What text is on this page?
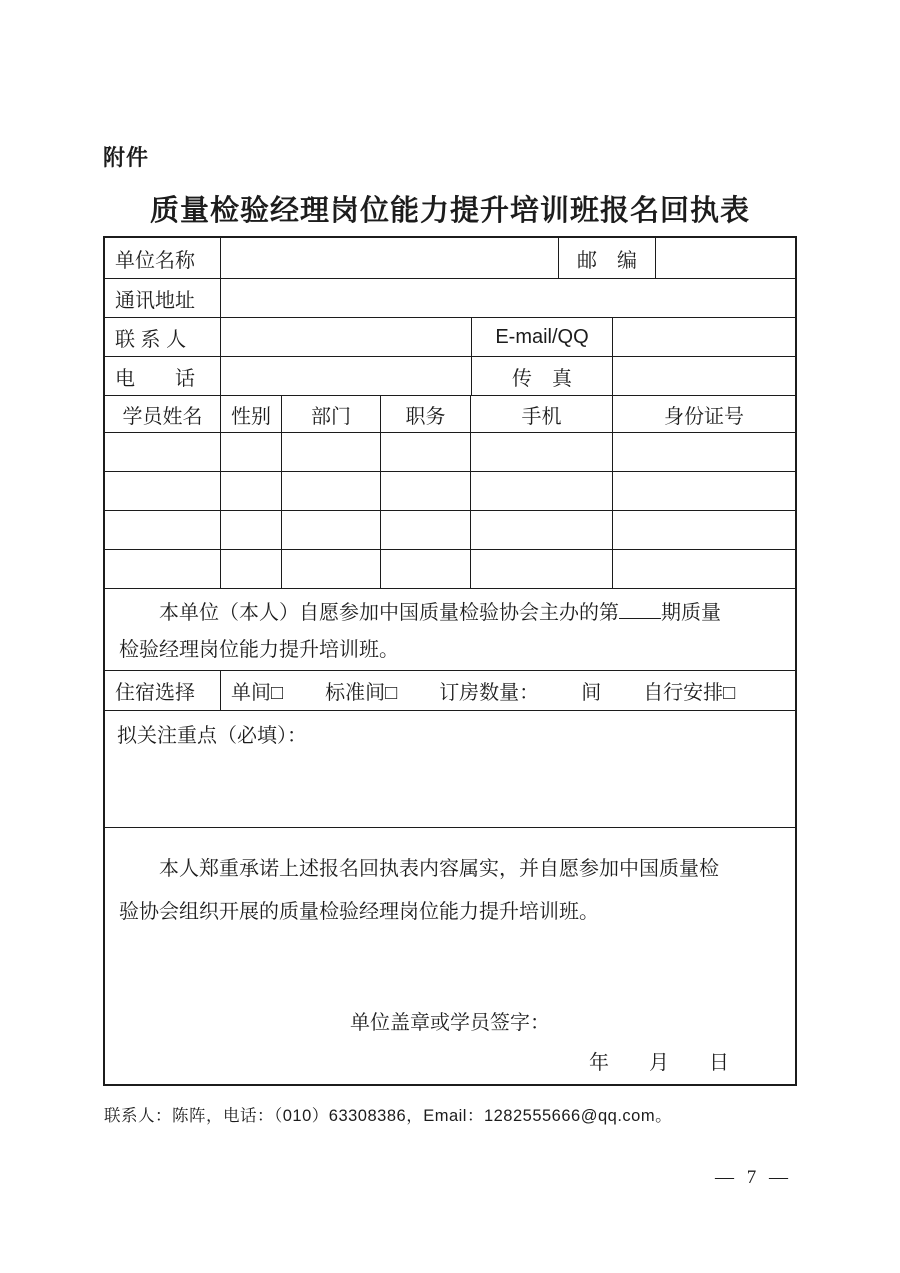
附件
质量检验经理岗位能力提升培训班报名回执表
单位名称	邮　编
通讯地址
联 系 人	E-mail/QQ
电　　话	传　真
学员姓名	性别	部门	职务	手机	身份证号
本单位（本人）自愿参加中国质量检验协会主办的第 期质量
检验经理岗位能力提升培训班。
住宿选择	单间□ 标准间□ 订房数量： 间 自行安排□
拟关注重点（必填）：
本人郑重承诺上述报名回执表内容属实，并自愿参加中国质量检
验协会组织开展的质量检验经理岗位能力提升培训班。
单位盖章或学员签字：
年　　月　　日
联系人：陈阵，电话：（010）63308386，Email：1282555666@qq.com。
— 7 —
